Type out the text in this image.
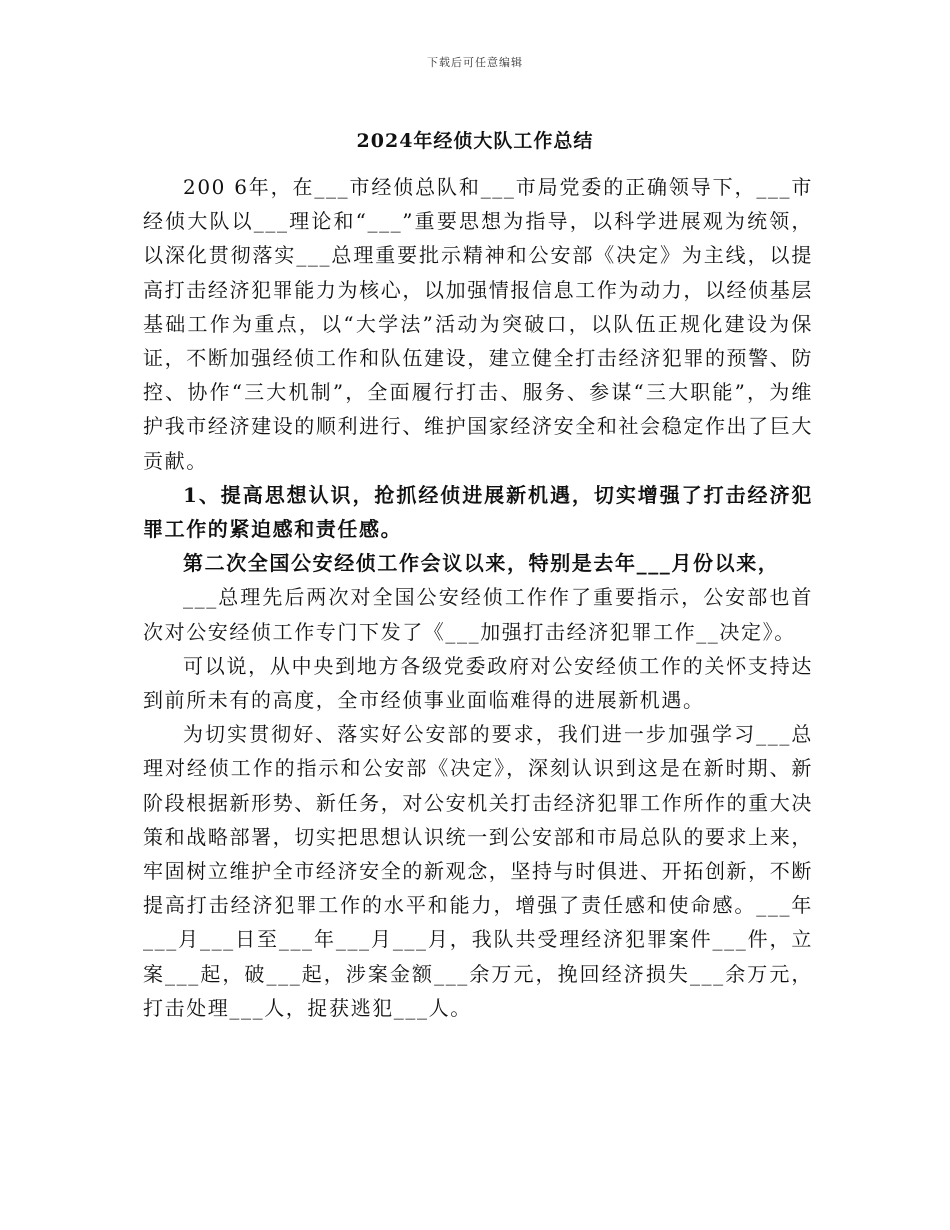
下载后可任意编辑
2024年经侦大队工作总结

200 6年，在___市经侦总队和___市局党委的正确领导下，___市经侦大队以___理论和“___”重要思想为指导，以科学进展观为统领，以深化贯彻落实___总理重要批示精神和公安部《决定》为主线，以提高打击经济犯罪能力为核心，以加强情报信息工作为动力，以经侦基层基础工作为重点，以“大学法”活动为突破口，以队伍正规化建设为保证，不断加强经侦工作和队伍建设，建立健全打击经济犯罪的预警、防控、协作“三大机制”，全面履行打击、服务、参谋“三大职能”，为维护我市经济建设的顺利进行、维护国家经济安全和社会稳定作出了巨大贡献。

1、提高思想认识，抢抓经侦进展新机遇，切实增强了打击经济犯罪工作的紧迫感和责任感。

第二次全国公安经侦工作会议以来，特别是去年___月份以来，

___总理先后两次对全国公安经侦工作作了重要指示，公安部也首次对公安经侦工作专门下发了《___加强打击经济犯罪工作__决定》。

可以说，从中央到地方各级党委政府对公安经侦工作的关怀支持达到前所未有的高度，全市经侦事业面临难得的进展新机遇。

为切实贯彻好、落实好公安部的要求，我们进一步加强学习___总理对经侦工作的指示和公安部《决定》，深刻认识到这是在新时期、新阶段根据新形势、新任务，对公安机关打击经济犯罪工作所作的重大决策和战略部署，切实把思想认识统一到公安部和市局总队的要求上来，牢固树立维护全市经济安全的新观念，坚持与时俱进、开拓创新，不断提高打击经济犯罪工作的水平和能力，增强了责任感和使命感。___年___月___日至___年___月___月，我队共受理经济犯罪案件___件，立案___起，破___起，涉案金额___余万元，挽回经济损失___余万元，打击处理___人，捉获逃犯___人。
